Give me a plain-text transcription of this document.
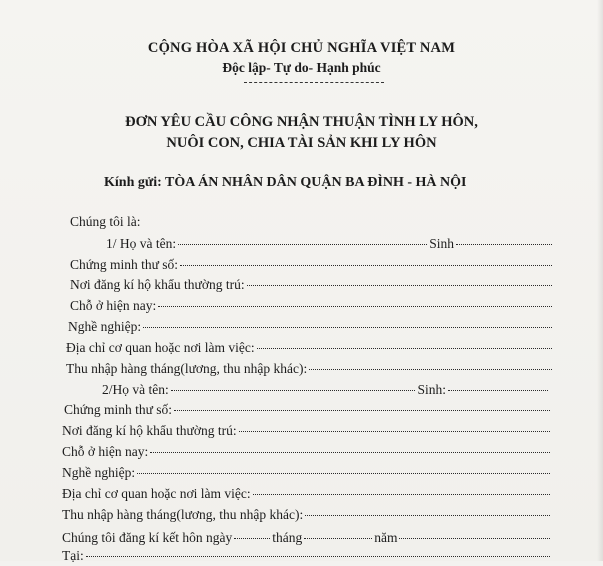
CỘNG HÒA XÃ HỘI CHỦ NGHĨA VIỆT NAM
Độc lập- Tự do- Hạnh phúc
ĐƠN YÊU CẦU CÔNG NHẬN THUẬN TÌNH LY HÔN,
NUÔI CON, CHIA TÀI SẢN KHI LY HÔN
Kính gửi: TÒA ÁN NHÂN DÂN QUẬN BA ĐÌNH - HÀ NỘI
Chúng tôi là:
1/ Họ và tên:	Sinh
Chứng minh thư số:
Nơi đăng kí hộ khẩu thường trú:
Chỗ ở hiện nay:
Nghề nghiệp:
Địa chỉ cơ quan hoặc nơi làm việc:
Thu nhập hàng tháng(lương, thu nhập khác):
2/Họ và tên:	Sinh:
Chứng minh thư số:
Nơi đăng kí hộ khẩu thường trú:
Chỗ ở hiện nay:
Nghề nghiệp:
Địa chỉ cơ quan hoặc nơi làm việc:
Thu nhập hàng tháng(lương, thu nhập khác):
Chúng tôi đăng kí kết hôn ngày	tháng	năm
Tại:
